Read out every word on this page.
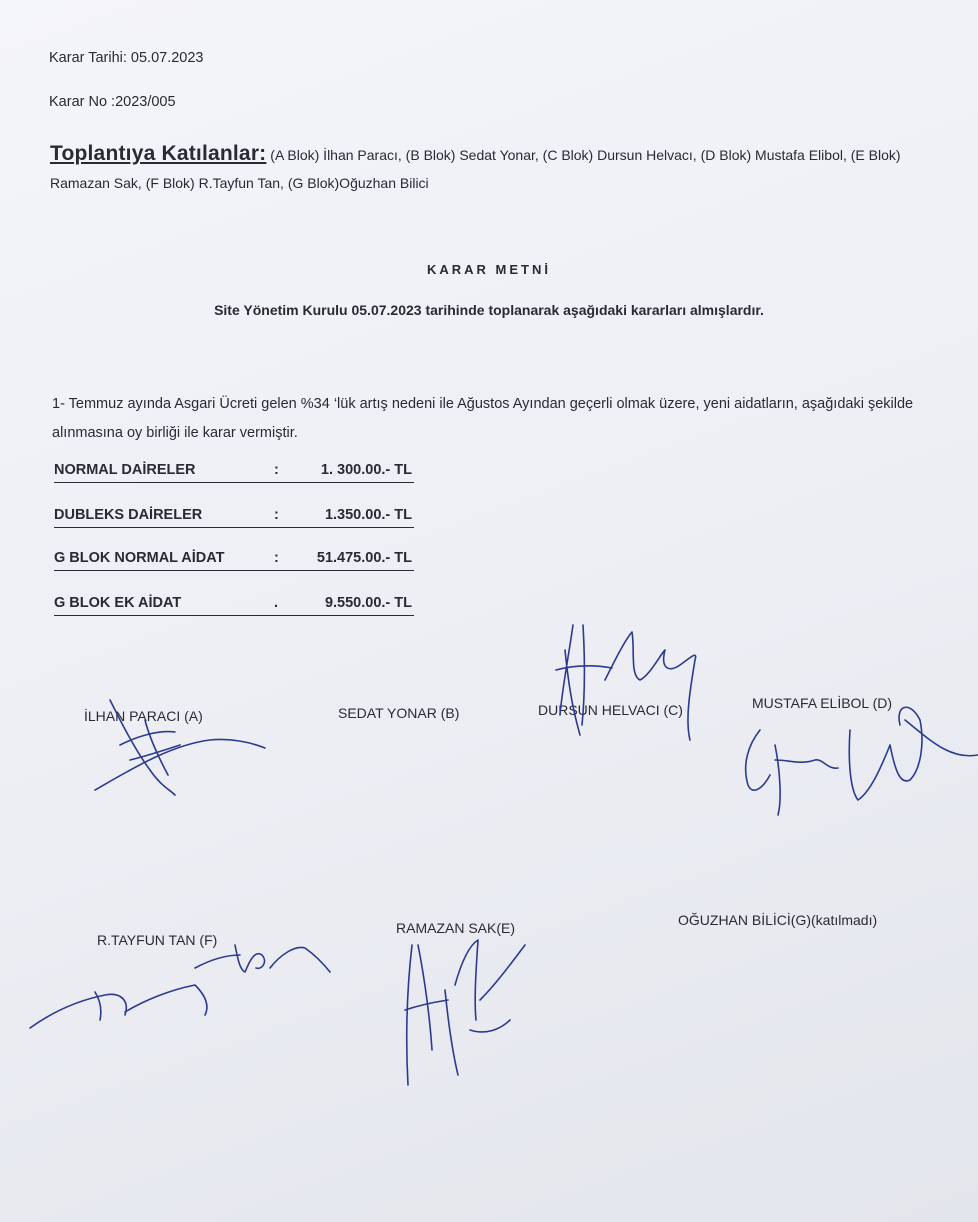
Karar Tarihi: 05.07.2023
Karar No :2023/005
Toplantıya Katılanlar: (A Blok) İlhan Paracı, (B Blok) Sedat Yonar, (C Blok) Dursun Helvacı, (D Blok) Mustafa Elibol, (E Blok) Ramazan Sak, (F Blok) R.Tayfun Tan, (G Blok)Oğuzhan Bilici
KARAR METNİ
Site Yönetim Kurulu 05.07.2023 tarihinde toplanarak aşağıdaki kararları almışlardır.
1- Temmuz ayında Asgari Ücreti gelen %34 ‘lük artış nedeni ile Ağustos Ayından geçerli olmak üzere, yeni aidatların, aşağıdaki şekilde alınmasına oy birliği ile karar vermiştir.
NORMAL DAİRELER	:	1. 300.00.- TL
DUBLEKS DAİRELER	:	1.350.00.- TL
G BLOK NORMAL AİDAT	:	51.475.00.- TL
G BLOK EK AİDAT	.	9.550.00.- TL
İLHAN PARACI (A)	SEDAT YONAR (B)	DURSUN HELVACI (C)	MUSTAFA ELİBOL (D)
R.TAYFUN TAN (F)
RAMAZAN SAK(E)	OĞUZHAN BİLİCİ(G)(katılmadı)
